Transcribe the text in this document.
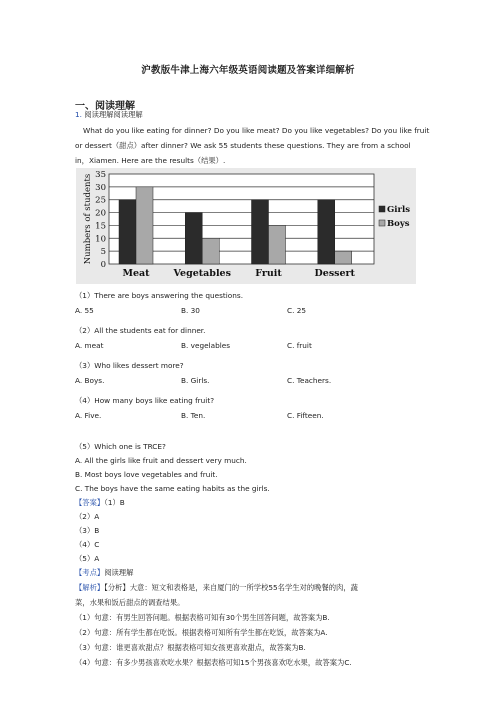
沪教版牛津上海六年级英语阅读题及答案详细解析
一、阅读理解
1. 阅读理解阅读理解
What do you like eating for dinner? Do you like meat? Do you like vegetables? Do you like fruit
or dessert（甜点）after dinner? We ask 55 students these questions. They are from a school
in，Xiamen. Here are the results（结果）.
0
5
10
15
20
25
30
35
Meat	Vegetables	Fruit	Dessert
Numbers of students	Girls
Boys
（1）There are boys answering the questions.
A. 55	B. 30	C. 25
（2）All the students eat for dinner.
A. meat	B. vegelables	C. fruit
（3）Who likes dessert more?
A. Boys.	B. Girls.	C. Teachers.
（4）How many boys like eating fruit?
A. Five.	B. Ten.	C. Fifteen.
（5）Which one is TRCE?
A. All the girls like fruit and dessert very much.
B. Most boys love vegetables and fruit.
C. The boys have the same eating habits as the girls.
【答案】（1）B
（2）A
（3）B
（4）C
（5）A
【考点】阅读理解
【解析】【分析】大意：短文和表格是，来自厦门的一所学校55名学生对的晚餐的肉，蔬
菜，水果和饭后甜点的调查结果。
（1）句意：有男生回答问题。根据表格可知有30个男生回答问题，故答案为B.
（2）句意：所有学生都在吃饭。根据表格可知所有学生都在吃饭，故答案为A.
（3）句意：谁更喜欢甜点？根据表格可知女孩更喜欢甜点，故答案为B.
（4）句意：有多少男孩喜欢吃水果？根据表格可知15个男孩喜欢吃水果，故答案为C.
